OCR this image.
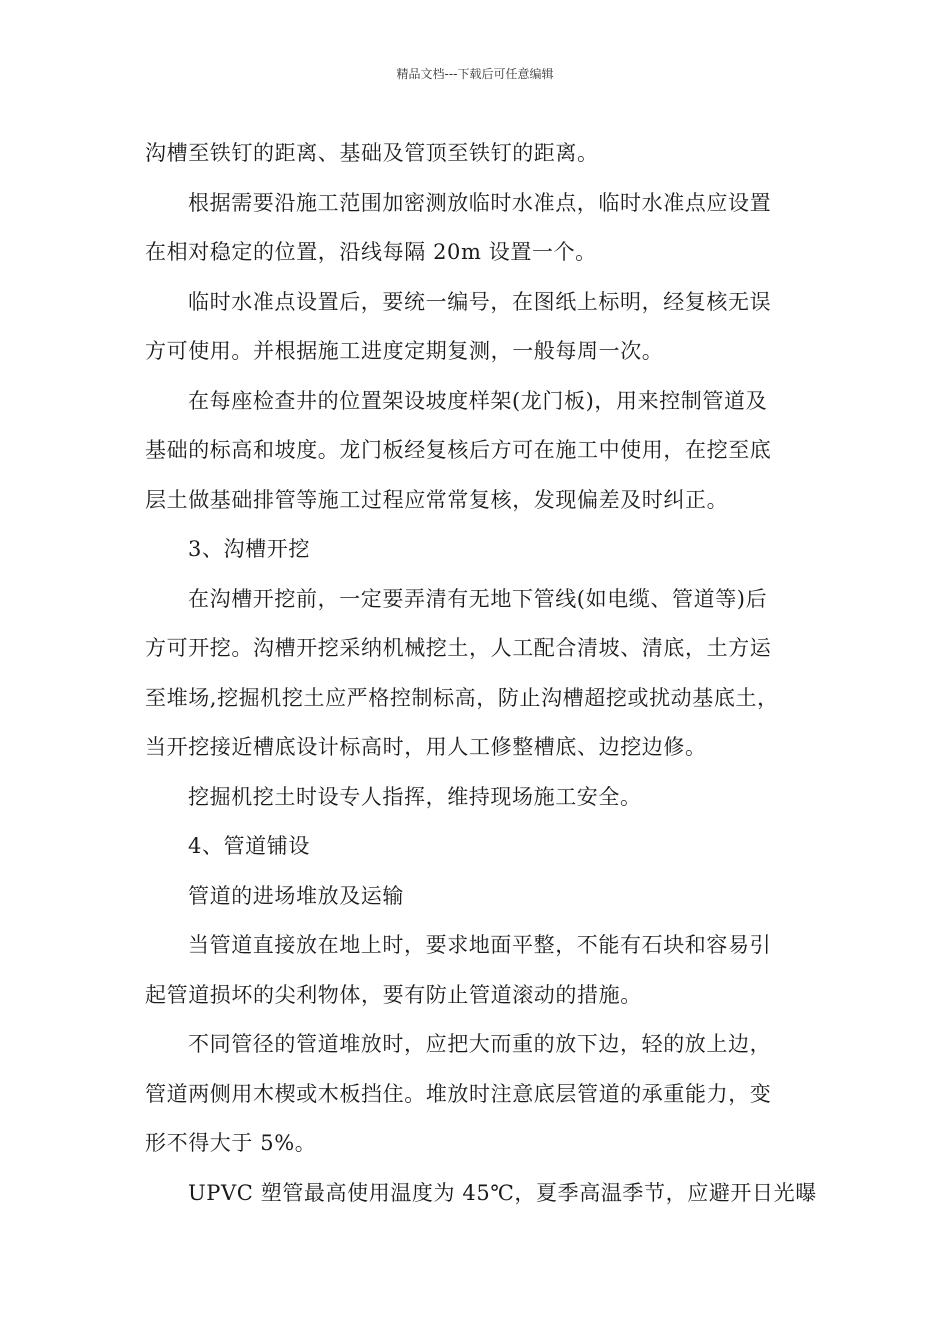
精品文档---下载后可任意编辑

沟槽至铁钉的距离、基础及管顶至铁钉的距离。

根据需要沿施工范围加密测放临时水准点，临时水准点应设置
在相对稳定的位置，沿线每隔 20m 设置一个。

临时水准点设置后，要统一编号，在图纸上标明，经复核无误
方可使用。并根据施工进度定期复测，一般每周一次。

在每座检查井的位置架设坡度样架(龙门板)，用来控制管道及
基础的标高和坡度。龙门板经复核后方可在施工中使用，在挖至底
层土做基础排管等施工过程应常常复核，发现偏差及时纠正。

3、沟槽开挖

在沟槽开挖前，一定要弄清有无地下管线(如电缆、管道等)后
方可开挖。沟槽开挖采纳机械挖土，人工配合清坡、清底，土方运
至堆场,挖掘机挖土应严格控制标高，防止沟槽超挖或扰动基底土，
当开挖接近槽底设计标高时，用人工修整槽底、边挖边修。

挖掘机挖土时设专人指挥，维持现场施工安全。

4、管道铺设

管道的进场堆放及运输

当管道直接放在地上时，要求地面平整，不能有石块和容易引
起管道损坏的尖利物体，要有防止管道滚动的措施。

不同管径的管道堆放时，应把大而重的放下边，轻的放上边，
管道两侧用木楔或木板挡住。堆放时注意底层管道的承重能力，变
形不得大于 5%。

UPVC 塑管最高使用温度为 45℃，夏季高温季节，应避开日光曝
